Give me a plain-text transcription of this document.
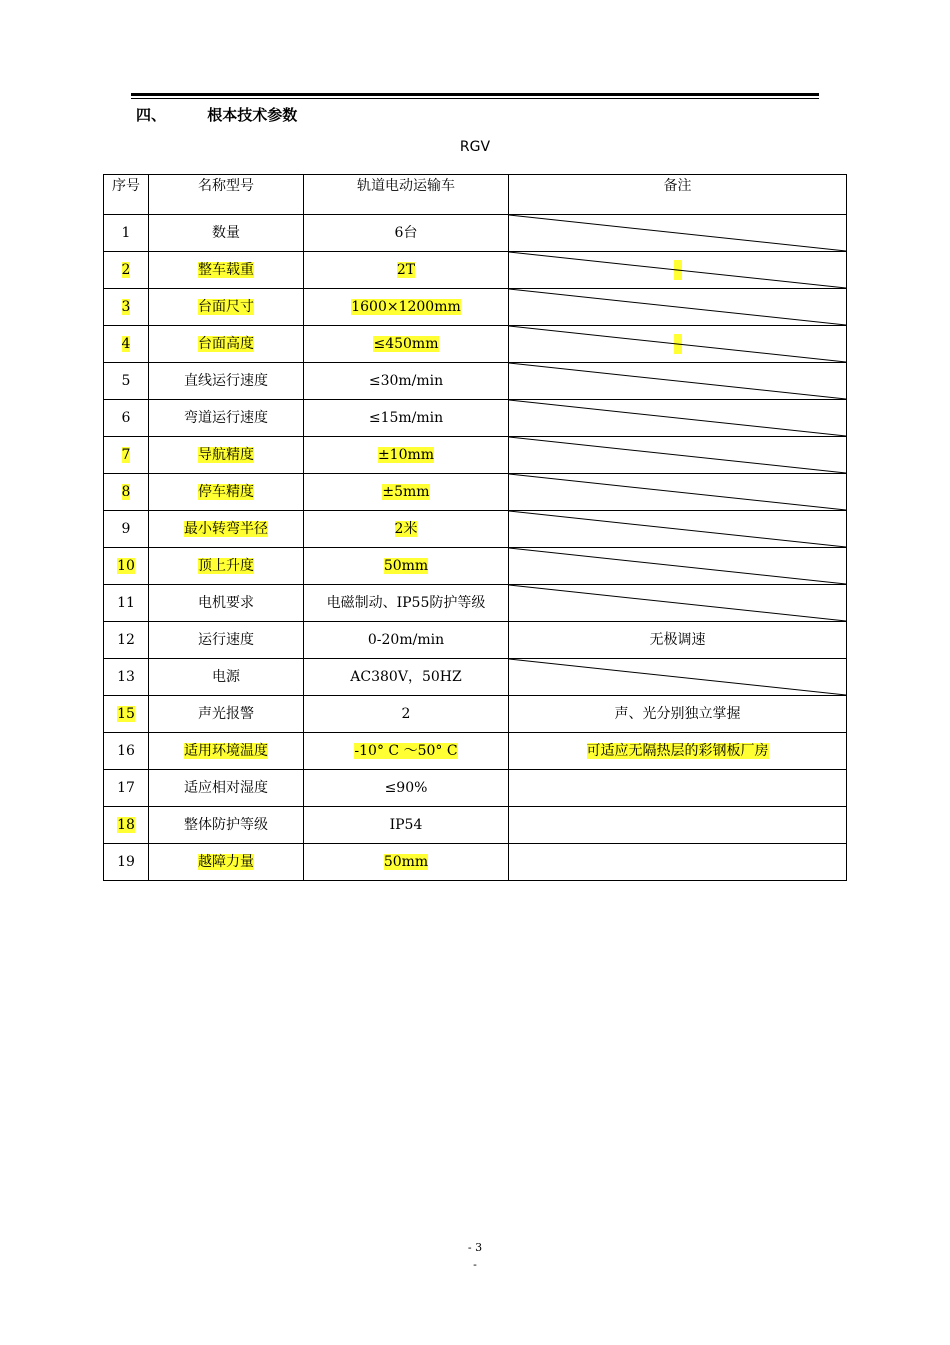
四、	根本技术参数
RGV
序号	名称型号	轨道电动运输车	备注
1	数量	6台	

2	整车载重	2T	

3	台面尺寸	1600×1200mm	

4	台面高度	≤450mm	

5	直线运行速度	≤30m/min	

6	弯道运行速度	≤15m/min	

7	导航精度	±10mm	

8	停车精度	±5mm	

9	最小转弯半径	2米	

10	顶上升度	50mm	

11	电机要求	电磁制动、IP55防护等级	

12	运行速度	0-20m/min	无极调速
13	电源	AC380V，50HZ	

15	声光报警	2	声、光分别独立掌握
16	适用环境温度	-10° C ～50° C	可适应无隔热层的彩钢板厂房
17	适应相对湿度	≤90%	
18	整体防护等级	IP54	
19	越障力量	50mm	
- 3
-
